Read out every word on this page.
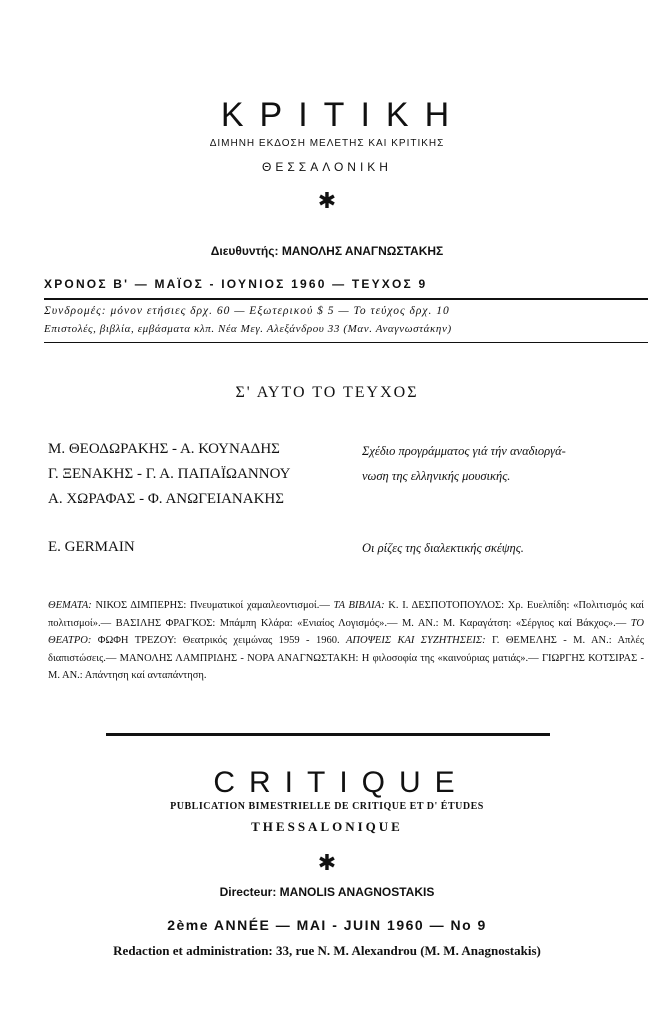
ΚΡΙΤΙΚΗ
ΔΙΜΗΝΗ ΕΚΔΟΣΗ ΜΕΛΕΤΗΣ ΚΑΙ ΚΡΙΤΙΚΗΣ
ΘΕΣΣΑΛΟΝΙΚΗ
✱
Διευθυντής: ΜΑΝΟΛΗΣ ΑΝΑΓΝΩΣΤΑΚΗΣ
ΧΡΟΝΟΣ Β' — ΜΑΪΟΣ - ΙΟΥΝΙΟΣ 1960 — ΤΕΥΧΟΣ 9
Συνδρομές: μόνον ετήσιες δρχ. 60 — Εξωτερικού $ 5 — Το τεύχος δρχ. 10
Επιστολές, βιβλία, εμβάσματα κλπ. Νέα Μεγ. Αλεξάνδρου 33 (Μαν. Αναγνωστάκην)
Σ' ΑΥΤΟ ΤΟ ΤΕΥΧΟΣ
Μ. ΘΕΟΔΩΡΑΚΗΣ - Α. ΚΟΥΝΑΔΗΣ	Σχέδιο προγράμματος γιά τήν αναδιοργά-
Γ. ΞΕΝΑΚΗΣ - Γ. Α. ΠΑΠΑΪΩΑΝΝΟΥ	νωση της ελληνικής μουσικής.
Α. ΧΩΡΑΦΑΣ - Φ. ΑΝΩΓΕΙΑΝΑΚΗΣ
E. GERMAIN	Οι ρίζες της διαλεκτικής σκέψης.
ΘΕΜΑΤΑ: ΝΙΚΟΣ ΔΙΜΠΕΡΗΣ: Πνευματικοί χαμαιλεοντισμοί.— ΤΑ ΒΙΒΛΙΑ: Κ. Ι. ΔΕΣΠΟΤΟΠΟΥΛΟΣ: Χρ. Ευελπίδη: «Πολιτισμός καί πολιτισμοί».— ΒΑΣΙΛΗΣ ΦΡΑΓΚΟΣ: Μπάμπη Κλάρα: «Ενιαίος Λογισμός».— Μ. ΑΝ.: Μ. Καραγάτση: «Σέργιος καί Βάκχος».— ΤΟ ΘΕΑΤΡΟ: ΦΩΦΗ ΤΡΕΖΟΥ: Θεατρικός χειμώνας 1959 - 1960. ΑΠΟΨΕΙΣ ΚΑΙ ΣΥΖΗΤΗΣΕΙΣ: Γ. ΘΕΜΕΛΗΣ - Μ. ΑΝ.: Απλές διαπιστώσεις.— ΜΑΝΟΛΗΣ ΛΑΜΠΡΙΔΗΣ - ΝΟΡΑ ΑΝΑΓΝΩΣΤΑΚΗ: Η φιλοσοφία της «καινούριας ματιάς».— ΓΙΩΡΓΗΣ ΚΟΤΣΙΡΑΣ - Μ. ΑΝ.: Απάντηση καί ανταπάντηση.
CRITIQUE
PUBLICATION BIMESTRIELLE DE CRITIQUE ET D' ÉTUDES
THESSALONIQUE
✱
Directeur: MANOLIS ANAGNOSTAKIS
2ème ANNÉE — MAI - JUIN 1960 — No 9
Redaction et administration: 33, rue N. M. Alexandrou (M. M. Anagnostakis)
